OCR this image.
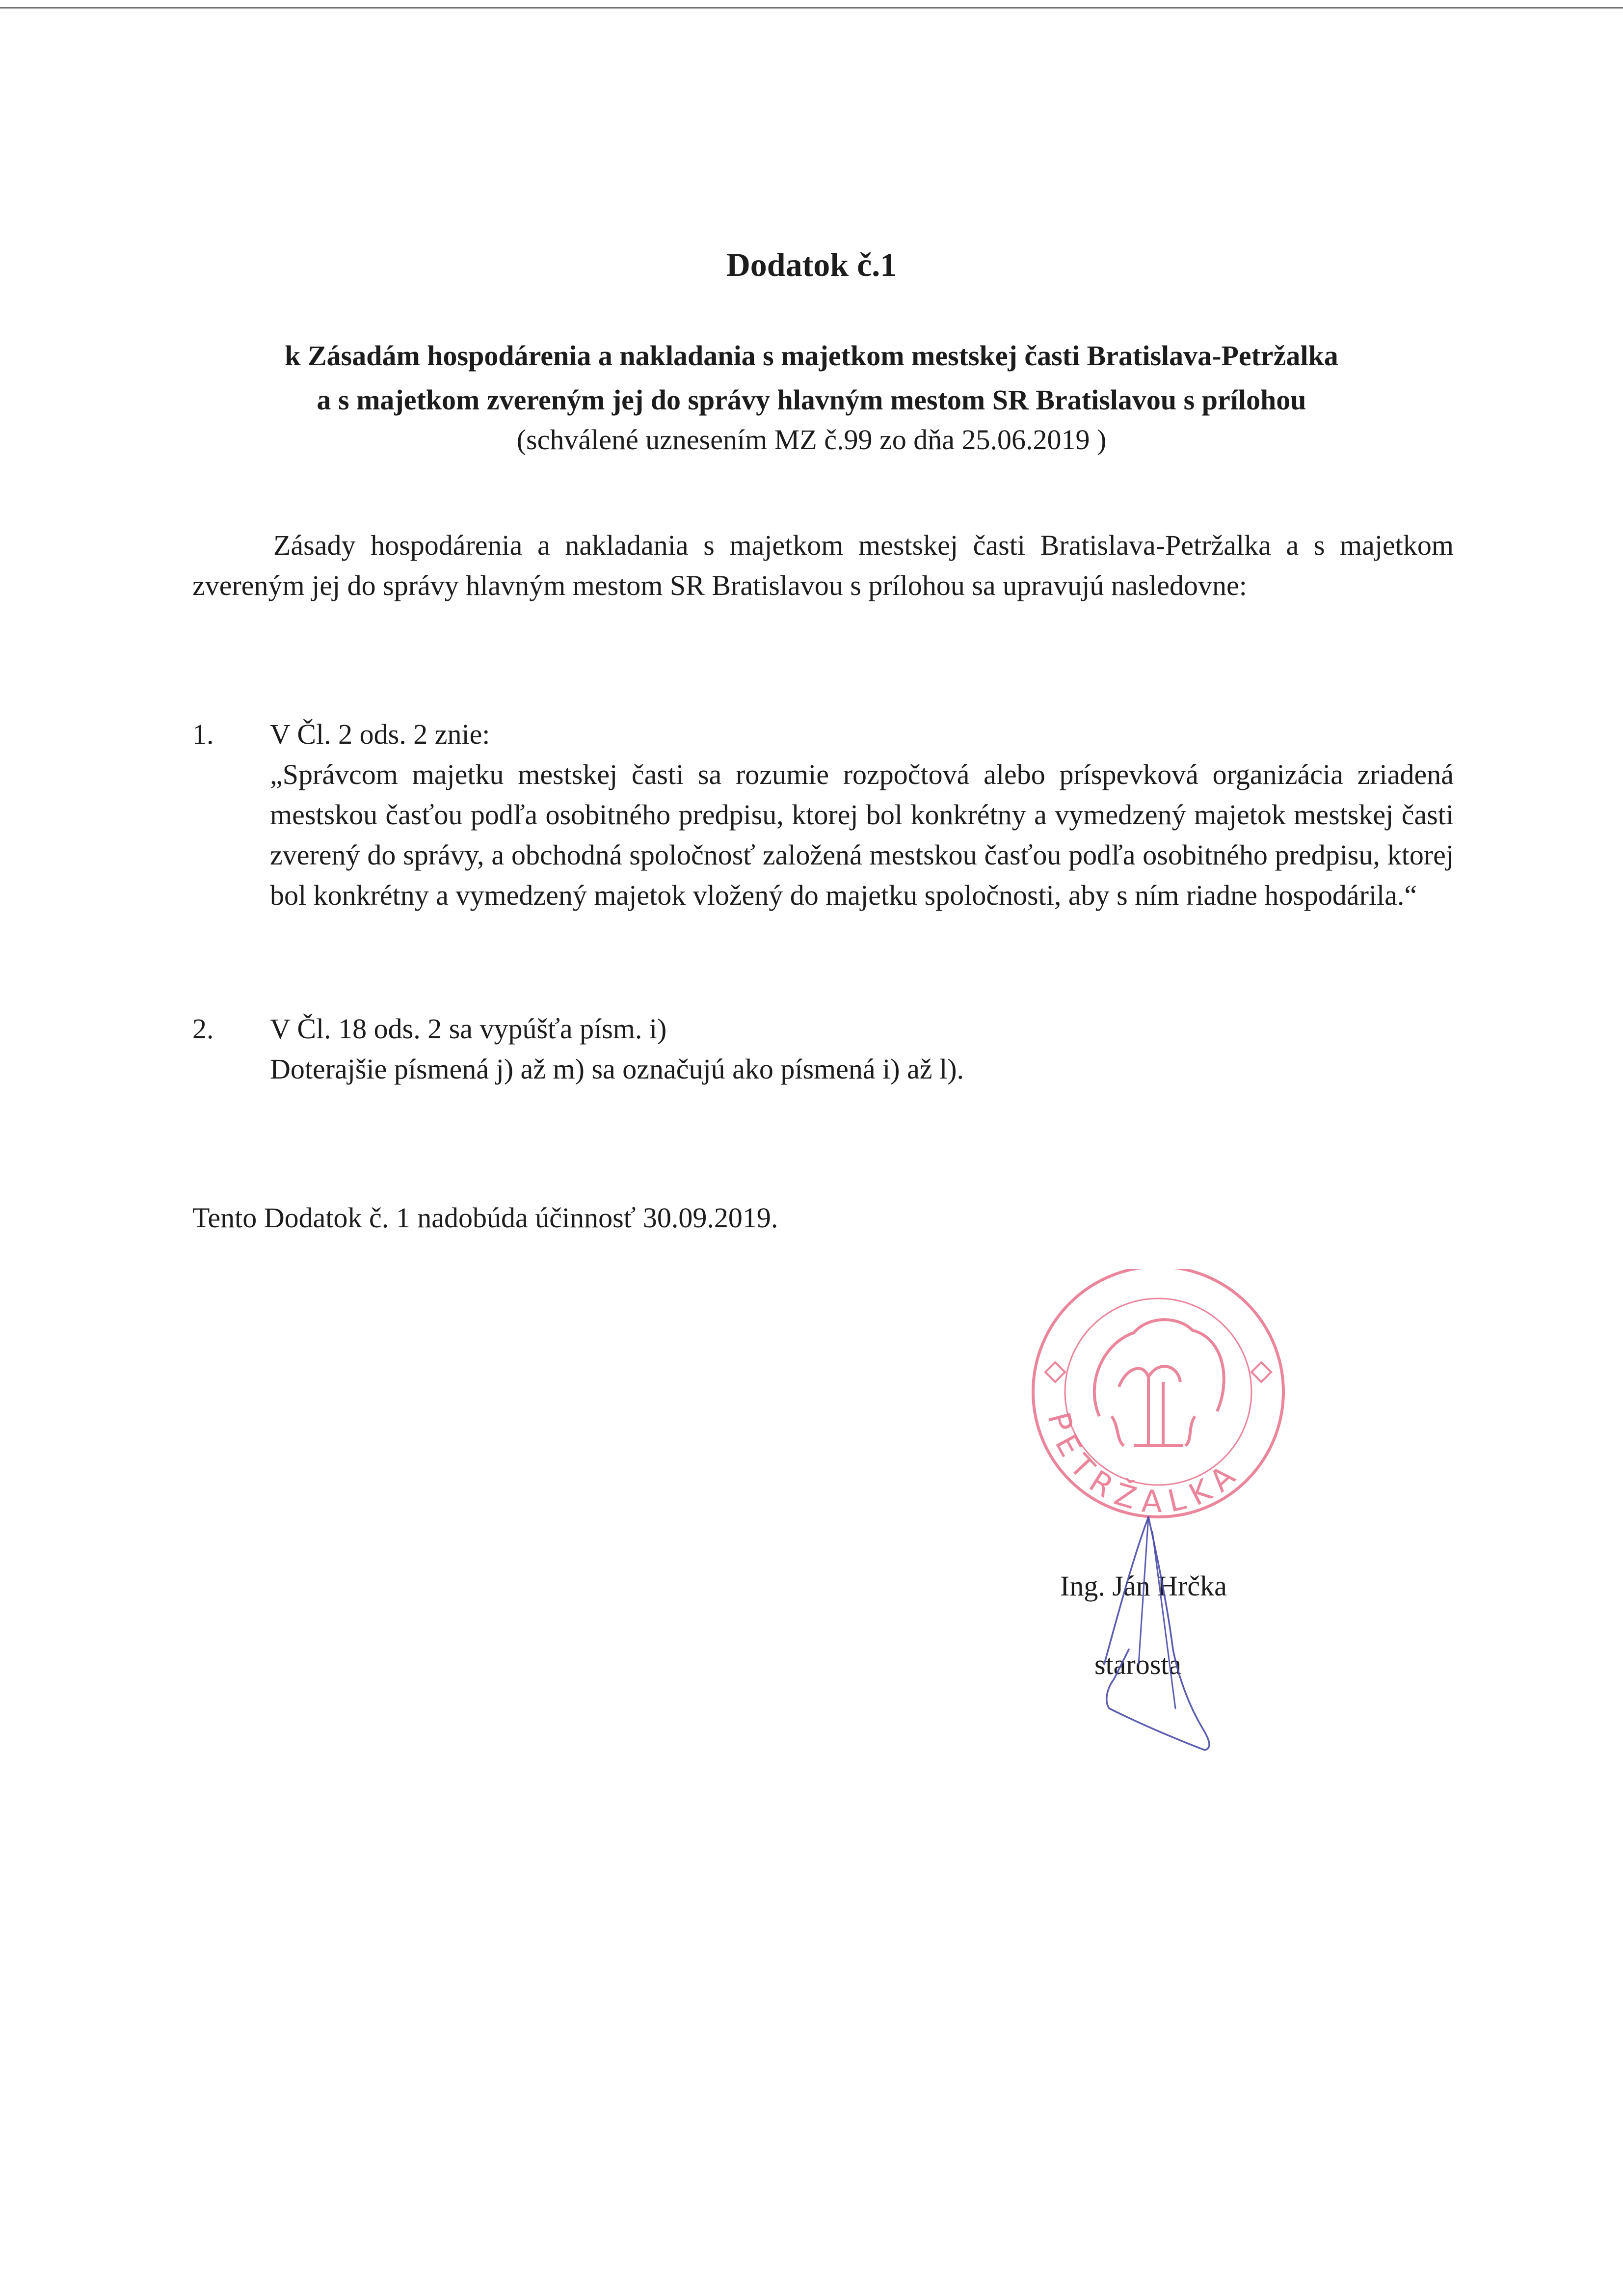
Dodatok č.1
k Zásadám hospodárenia a nakladania s majetkom mestskej časti Bratislava-Petržalka
a s majetkom zvereným jej do správy hlavným mestom SR Bratislavou s prílohou

(schválené uznesením MZ č.99 zo dňa 25.06.2019 )

Zásady hospodárenia a nakladania s majetkom mestskej časti Bratislava-Petržalka a s majetkom zvereným jej do správy hlavným mestom SR Bratislavou s prílohou sa upravujú nasledovne:

1. V Čl. 2 ods. 2 znie:
„Správcom majetku mestskej časti sa rozumie rozpočtová alebo príspevková organizácia zriadená mestskou časťou podľa osobitného predpisu, ktorej bol konkrétny a vymedzený majetok mestskej časti zverený do správy, a obchodná spoločnosť založená mestskou časťou podľa osobitného predpisu, ktorej bol konkrétny a vymedzený majetok vložený do majetku spoločnosti, aby s ním riadne hospodárila.“
2. V Čl. 18 ods. 2 sa vypúšťa písm. i)
Doterajšie písmená j) až m) sa označujú ako písmená i) až l).

Tento Dodatok č. 1 nadobúda účinnosť 30.09.2019.

PETRŽALKA

Ing. Ján Hrčka

starosta
